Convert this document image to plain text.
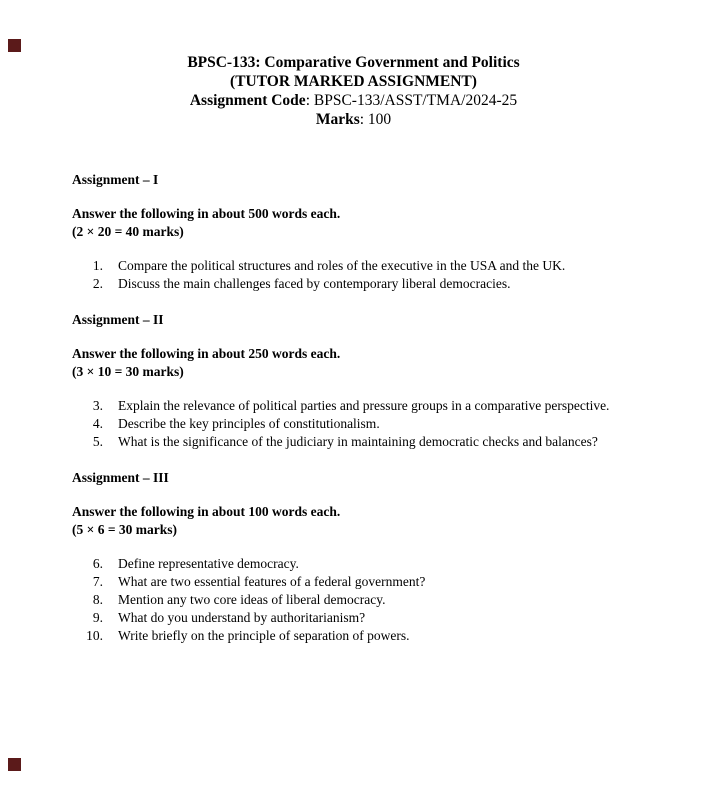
BPSC-133: Comparative Government and Politics
(TUTOR MARKED ASSIGNMENT)
Assignment Code: BPSC-133/ASST/TMA/2024-25
Marks: 100
Assignment – I

Answer the following in about 500 words each.
(2 × 20 = 40 marks)

1. Compare the political structures and roles of the executive in the USA and the UK.
2. Discuss the main challenges faced by contemporary liberal democracies.
Assignment – II

Answer the following in about 250 words each.
(3 × 10 = 30 marks)

3. Explain the relevance of political parties and pressure groups in a comparative perspective.
4. Describe the key principles of constitutionalism.
5. What is the significance of the judiciary in maintaining democratic checks and balances?
Assignment – III

Answer the following in about 100 words each.
(5 × 6 = 30 marks)

6. Define representative democracy.
7. What are two essential features of a federal government?
8. Mention any two core ideas of liberal democracy.
9. What do you understand by authoritarianism?
10. Write briefly on the principle of separation of powers.
